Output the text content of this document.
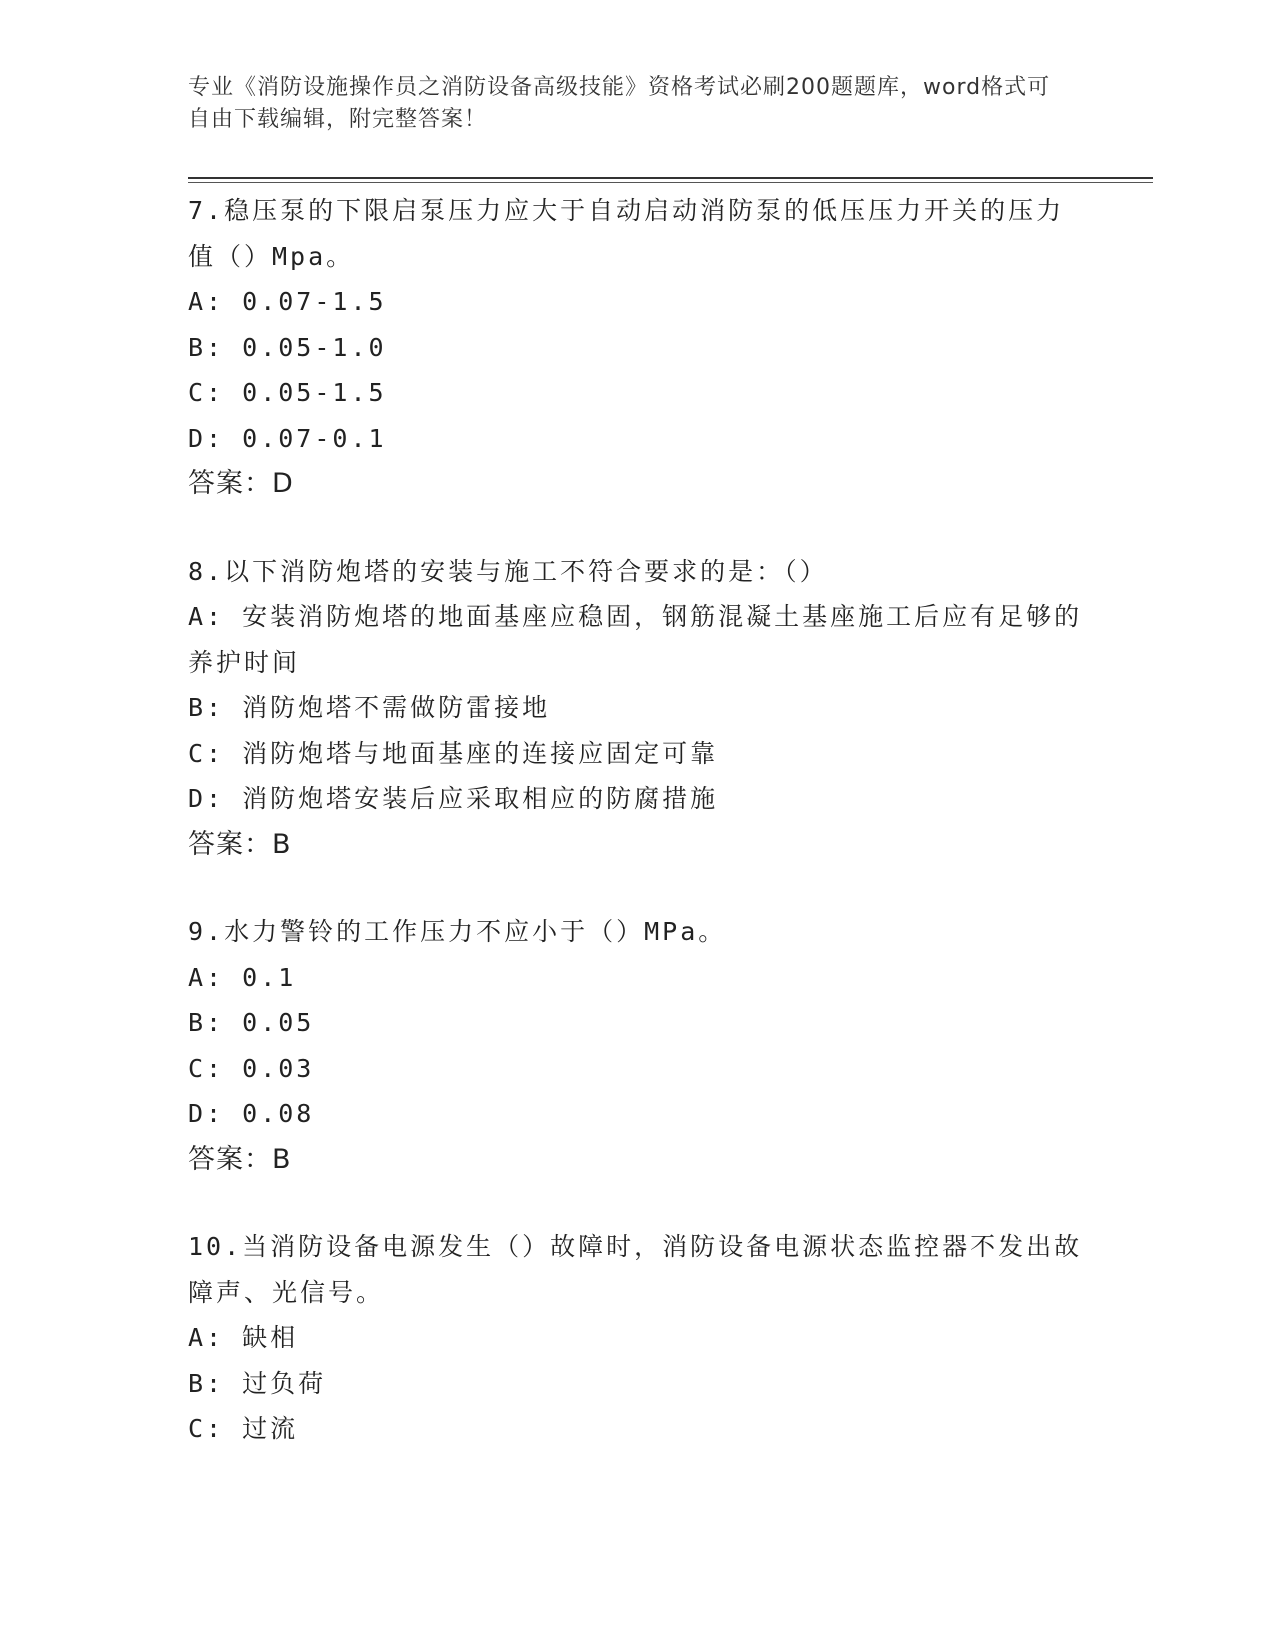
专业《消防设施操作员之消防设备高级技能》资格考试必刷200题题库，word格式可自由下载编辑，附完整答案！

7.稳压泵的下限启泵压力应大于自动启动消防泵的低压压力开关的压力值（）Mpa。

A: 0.07-1.5

B: 0.05-1.0

C: 0.05-1.5

D: 0.07-0.1

答案：D

8.以下消防炮塔的安装与施工不符合要求的是：（）

A: 安装消防炮塔的地面基座应稳固，钢筋混凝土基座施工后应有足够的养护时间

B: 消防炮塔不需做防雷接地

C: 消防炮塔与地面基座的连接应固定可靠

D: 消防炮塔安装后应采取相应的防腐措施

答案：B

9.水力警铃的工作压力不应小于（）MPa。

A: 0.1

B: 0.05

C: 0.03

D: 0.08

答案：B

10.当消防设备电源发生（）故障时，消防设备电源状态监控器不发出故障声、光信号。

A: 缺相

B: 过负荷

C: 过流
